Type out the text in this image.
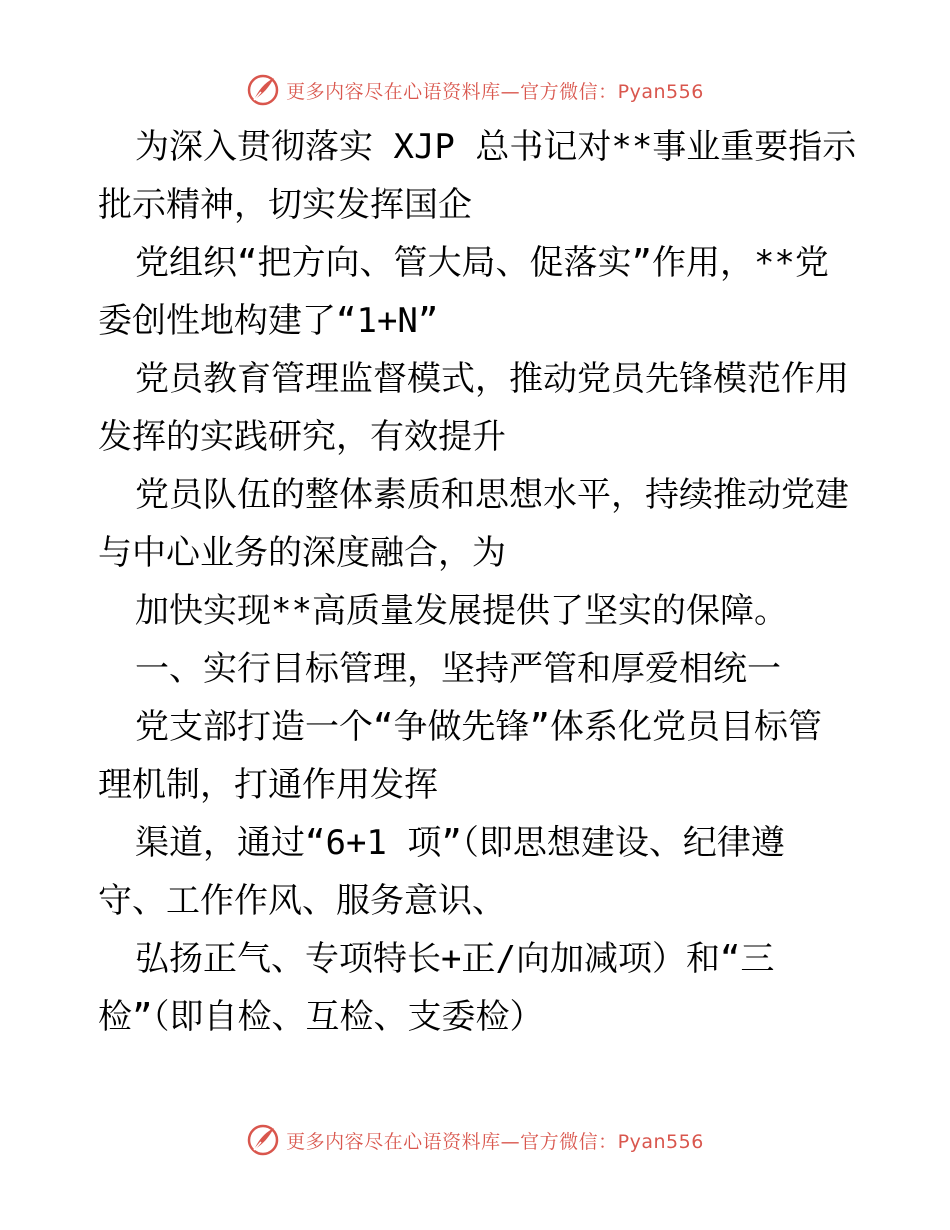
更多内容尽在心语资料库—官方微信：Pyan556
为深入贯彻落实 XJP 总书记对**事业重要指示
批示精神，切实发挥国企
党组织“把方向、管大局、促落实”作用，**党
委创性地构建了“1+N”
党员教育管理监督模式，推动党员先锋模范作用
发挥的实践研究，有效提升
党员队伍的整体素质和思想水平，持续推动党建
与中心业务的深度融合，为
加快实现**高质量发展提供了坚实的保障。
一、实行目标管理，坚持严管和厚爱相统一
党支部打造一个“争做先锋”体系化党员目标管
理机制，打通作用发挥
渠道，通过“6+1 项”（即思想建设、纪律遵
守、工作作风、服务意识、
弘扬正气、专项特长+正/向加减项）和“三
检”（即自检、互检、支委检）
更多内容尽在心语资料库—官方微信：Pyan556
